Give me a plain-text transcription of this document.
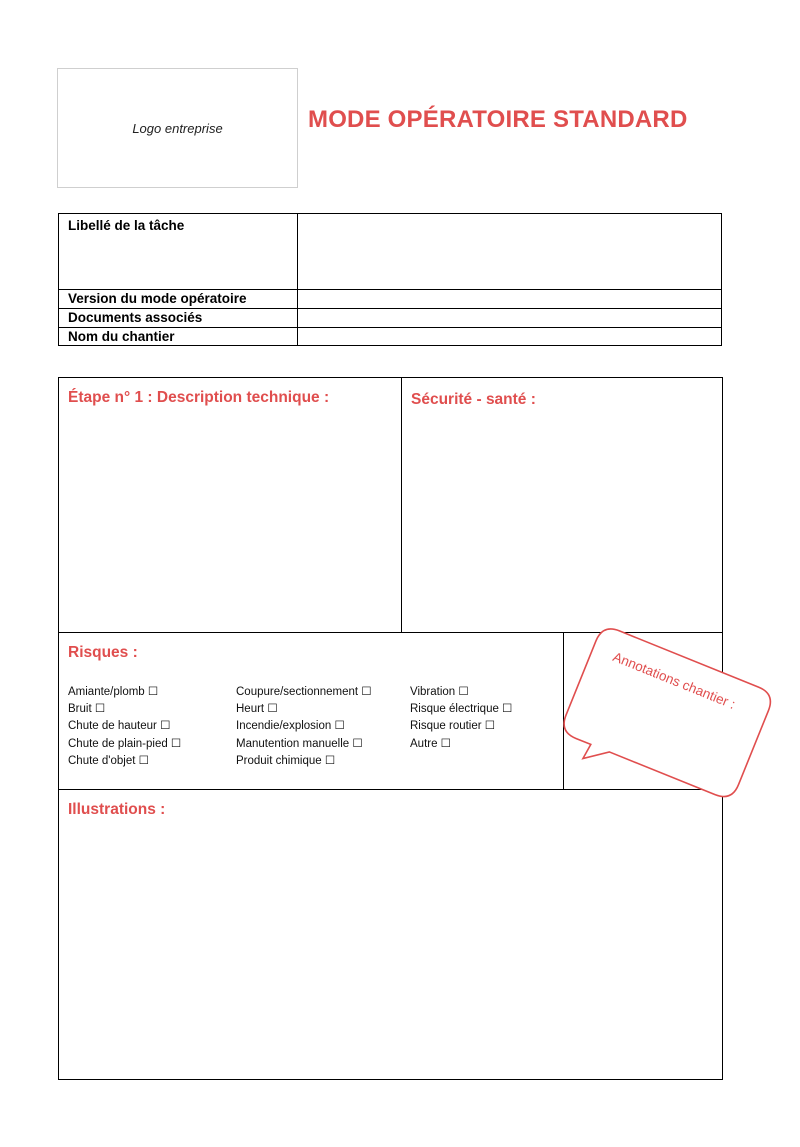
Logo entreprise	MODE OPÉRATOIRE STANDARD
Libellé de la tâche	
Version du mode opératoire	
Documents associés	
Nom du chantier	
Étape n° 1 : Description technique :	Sécurité - santé :
Risques :
Illustrations :
Amiante/plomb ☐
Bruit ☐
Chute de hauteur ☐
Chute de plain-pied ☐
Chute d'objet ☐
Coupure/sectionnement ☐
Heurt ☐
Incendie/explosion ☐
Manutention manuelle ☐
Produit chimique ☐
Vibration ☐
Risque électrique ☐
Risque routier ☐
Autre ☐
Annotations chantier :
